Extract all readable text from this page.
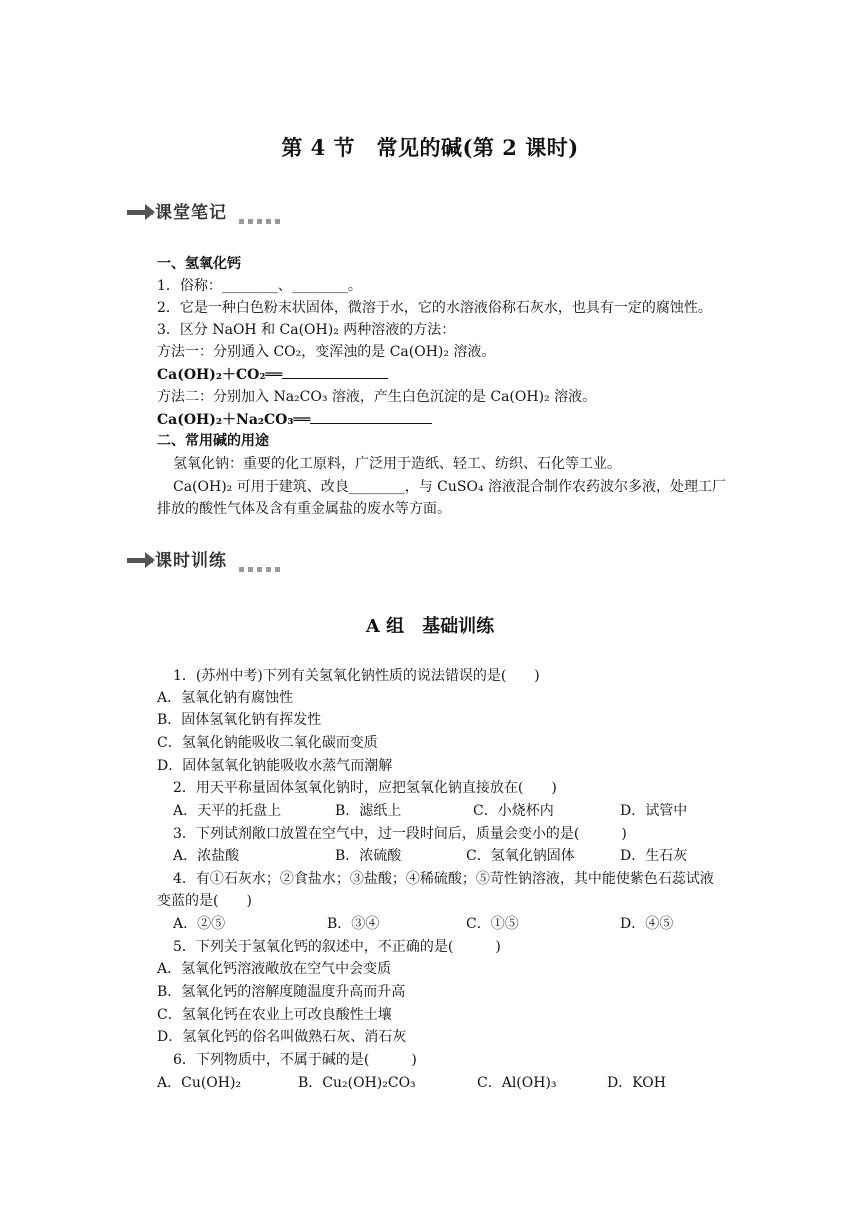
第 4 节　常见的碱(第 2 课时)
课堂笔记
一、氢氧化钙
1．俗称：________、________。
2．它是一种白色粉末状固体，微溶于水，它的水溶液俗称石灰水，也具有一定的腐蚀性。
3．区分 NaOH 和 Ca(OH)₂ 两种溶液的方法：
方法一：分别通入 CO₂，变浑浊的是 Ca(OH)₂ 溶液。
Ca(OH)₂＋CO₂══
方法二：分别加入 Na₂CO₃ 溶液，产生白色沉淀的是 Ca(OH)₂ 溶液。
Ca(OH)₂＋Na₂CO₃══
二、常用碱的用途
氢氧化钠：重要的化工原料，广泛用于造纸、轻工、纺织、石化等工业。
Ca(OH)₂ 可用于建筑、改良________，与 CuSO₄ 溶液混合制作农药波尔多液，处理工厂
排放的酸性气体及含有重金属盐的废水等方面。
课时训练
A 组　基础训练
1．(苏州中考)下列有关氢氧化钠性质的说法错误的是(　　)
A．氢氧化钠有腐蚀性
B．固体氢氧化钠有挥发性
C．氢氧化钠能吸收二氧化碳而变质
D．固体氢氧化钠能吸收水蒸气而潮解
2．用天平称量固体氢氧化钠时，应把氢氧化钠直接放在(　　)
A．天平的托盘上	B．滤纸上	C．小烧杯内	D．试管中
3．下列试剂敞口放置在空气中，过一段时间后，质量会变小的是(　　　)
A．浓盐酸	B．浓硫酸	C．氢氧化钠固体	D．生石灰
4．有①石灰水；②食盐水；③盐酸；④稀硫酸；⑤苛性钠溶液，其中能使紫色石蕊试液
变蓝的是(　　)
A．②⑤	B．③④	C．①⑤	D．④⑤
5．下列关于氢氧化钙的叙述中，不正确的是(　　　)
A．氢氧化钙溶液敞放在空气中会变质
B．氢氧化钙的溶解度随温度升高而升高
C．氢氧化钙在农业上可改良酸性土壤
D．氢氧化钙的俗名叫做熟石灰、消石灰
6．下列物质中，不属于碱的是(　　　)
A．Cu(OH)₂	B．Cu₂(OH)₂CO₃	C．Al(OH)₃	D．KOH
